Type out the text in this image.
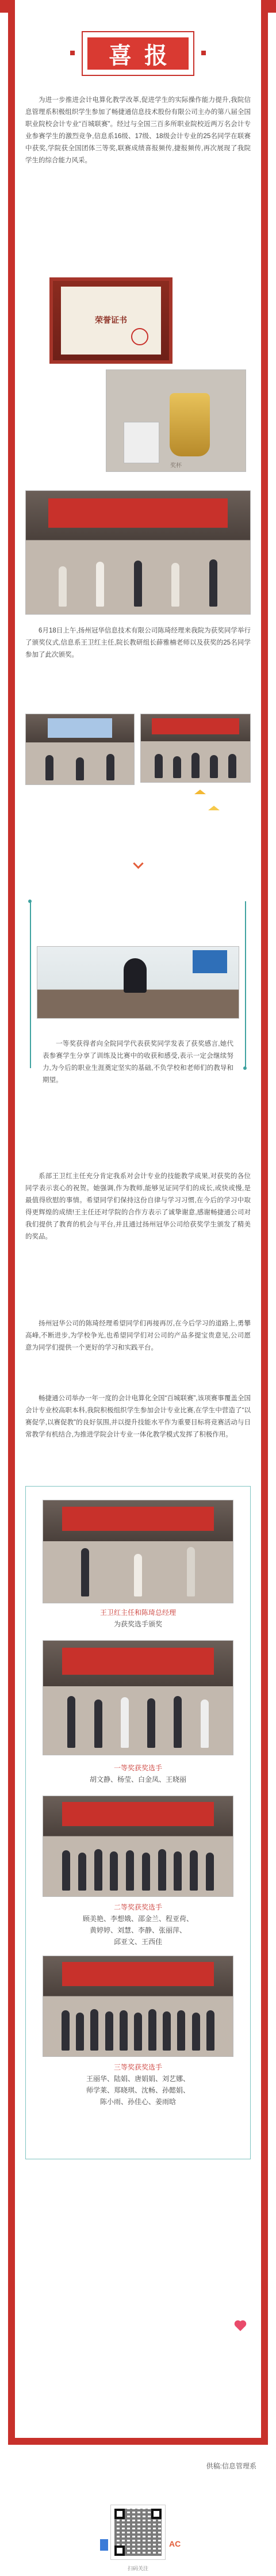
喜报

为进一步推进会计电算化教学改革,促进学生的实际操作能力提升,我院信息管理系积极组织学生参加了畅捷通信息技术股份有限公司主办的第八届全国职业院校会计专业“百城联赛”。经过与全国三百多所职业院校近两万名会计专业参赛学生的激烈竞争,信息系16级、17级、18级会计专业的25名同学在联赛中获奖,学院获全国团体三等奖,联赛成绩喜报频传,捷报频传,再次展现了我院学生的综合能力风采。

荣誉证书
奖杯

6月18日上午,扬州冠华信息技术有限公司陈琦经理来我院为获奖同学举行了颁奖仪式,信息系王卫红主任,院长教研组长薛雅楠老师以及获奖的25名同学参加了此次颁奖。

一等奖获得者向全院同学代表获奖同学发表了获奖感言,她代表参赛学生分享了训练及比赛中的收获和感受,表示一定会继续努力,为今后的职业生涯奠定坚实的基础,不负学校和老师们的教导和期望。

系部王卫红主任充分肯定我系对会计专业的技能教学成果,对获奖的各位同学表示衷心的祝贺。她强调,作为教师,能够见证同学们的成长,或快或慢,是最值得欣慰的事情。希望同学们保持这份自律与学习习惯,在今后的学习中取得更辉煌的成绩!王主任还对学院的合作方表示了诚挚谢意,感谢畅捷通公司对我们提供了教育的机会与平台,并且通过扬州冠华公司给获奖学生颁发了精美的奖品。

扬州冠华公司的陈琦经理希望同学们再接再厉,在今后学习的道路上,勇攀高峰,不断进步,为学校争光,也希望同学们对公司的产品多提宝贵意见,公司愿意为同学们提供一个更好的学习和实践平台。

畅捷通公司举办一年一度的会计电算化全国“百城联赛”,该项赛事覆盖全国会计专业校高职本科,我院积极组织学生参加会计专业比赛,在学生中营造了“以赛促学,以赛促教”的良好氛围,并以提升技能水平作为重要目标将竞赛活动与日常教学有机结合,为推进学院会计专业一体化教学模式发挥了积极作用。

王卫红主任和陈琦总经理
为获奖选手颁奖
一等奖获奖选手
胡文静、杨莹、白金凤、王晓丽
二等奖获奖选手
顾美艳、李想娥、邵金兰、程亚荷、
黄婷婷、刘慧、李静、张丽萍、
邱亚文、王西佳
三等奖获奖选手
王丽华、陆娟、唐娟娟、刘艺娜、
师学莱、郑晓琪、沈畅、孙懿娟、
陈小雨、孙佳心、姜雨晗
供稿:信息管理系
AC
扫码关注
